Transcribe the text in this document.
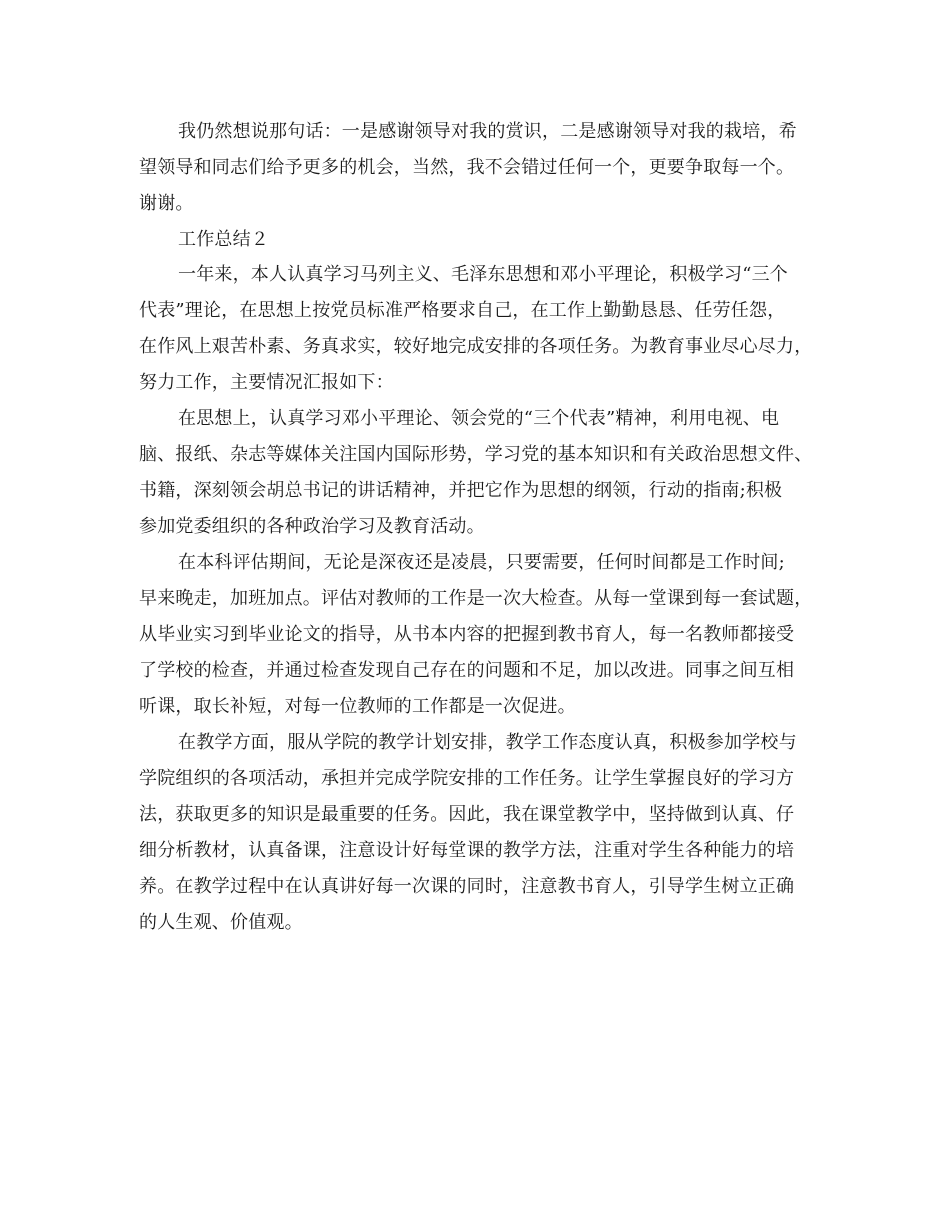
我仍然想说那句话：一是感谢领导对我的赏识，二是感谢领导对我的栽培，希
望领导和同志们给予更多的机会，当然，我不会错过任何一个，更要争取每一个。
谢谢。
工作总结２
一年来，本人认真学习马列主义、毛泽东思想和邓小平理论，积极学习“三个
代表”理论，在思想上按党员标准严格要求自己，在工作上勤勤恳恳、任劳任怨，
在作风上艰苦朴素、务真求实，较好地完成安排的各项任务。为教育事业尽心尽力，
努力工作，主要情况汇报如下：
在思想上，认真学习邓小平理论、领会党的“三个代表”精神，利用电视、电
脑、报纸、杂志等媒体关注国内国际形势，学习党的基本知识和有关政治思想文件、
书籍，深刻领会胡总书记的讲话精神，并把它作为思想的纲领，行动的指南;积极
参加党委组织的各种政治学习及教育活动。
在本科评估期间，无论是深夜还是凌晨，只要需要，任何时间都是工作时间;
早来晚走，加班加点。评估对教师的工作是一次大检查。从每一堂课到每一套试题，
从毕业实习到毕业论文的指导，从书本内容的把握到教书育人，每一名教师都接受
了学校的检查，并通过检查发现自己存在的问题和不足，加以改进。同事之间互相
听课，取长补短，对每一位教师的工作都是一次促进。
在教学方面，服从学院的教学计划安排，教学工作态度认真，积极参加学校与
学院组织的各项活动，承担并完成学院安排的工作任务。让学生掌握良好的学习方
法，获取更多的知识是最重要的任务。因此，我在课堂教学中，坚持做到认真、仔
细分析教材，认真备课，注意设计好每堂课的教学方法，注重对学生各种能力的培
养。在教学过程中在认真讲好每一次课的同时，注意教书育人，引导学生树立正确
的人生观、价值观。
